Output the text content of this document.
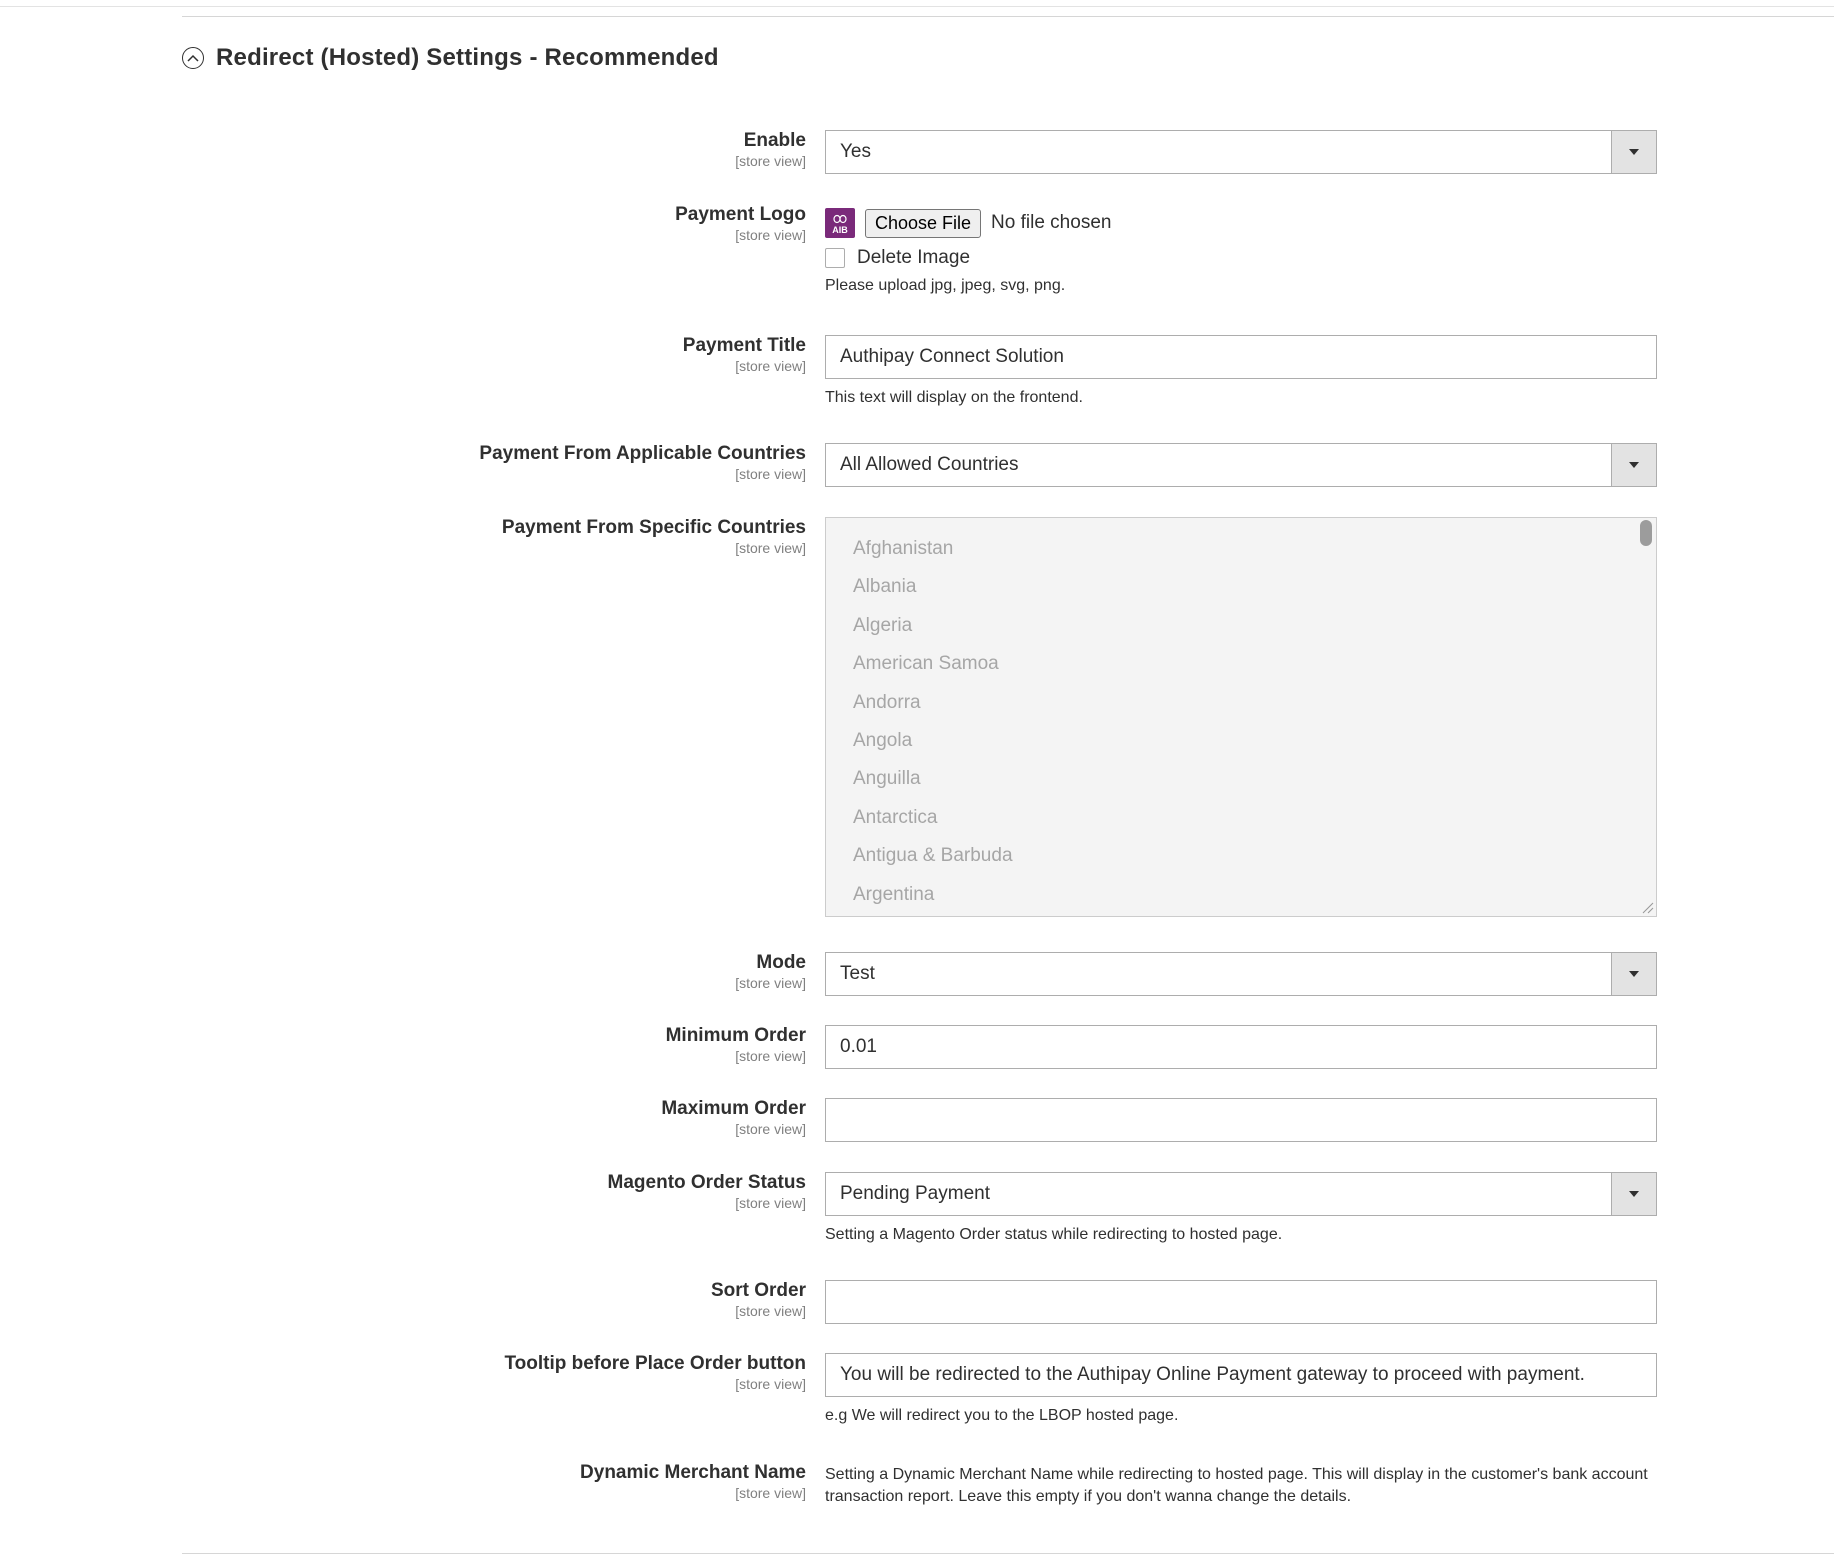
Redirect (Hosted) Settings - Recommended
Enable
[store view] Yes
Payment Logo
[store view]	AIB	Choose File	No file chosen
Delete Image
Please upload jpg, jpeg, svg, png.
Payment Title
[store view]	Authipay Connect Solution
This text will display on the frontend.
Payment From Applicable Countries
[store view] All Allowed Countries
Payment From Specific Countries
[store view] Afghanistan
Albania
Algeria
American Samoa
Andorra
Angola
Anguilla
Antarctica
Antigua & Barbuda
Argentina
Mode
[store view] Test
Minimum Order
[store view]	0.01
Maximum Order
[store view]
Magento Order Status
[store view] Pending Payment
Setting a Magento Order status while redirecting to hosted page.
Sort Order
[store view]
Tooltip before Place Order button
[store view]	You will be redirected to the Authipay Online Payment gateway to proceed with payment.
e.g We will redirect you to the LBOP hosted page.
Dynamic Merchant Name
[store view]
Setting a Dynamic Merchant Name while redirecting to hosted page. This will display in the customer's bank account transaction report. Leave this empty if you don't wanna change the details.
